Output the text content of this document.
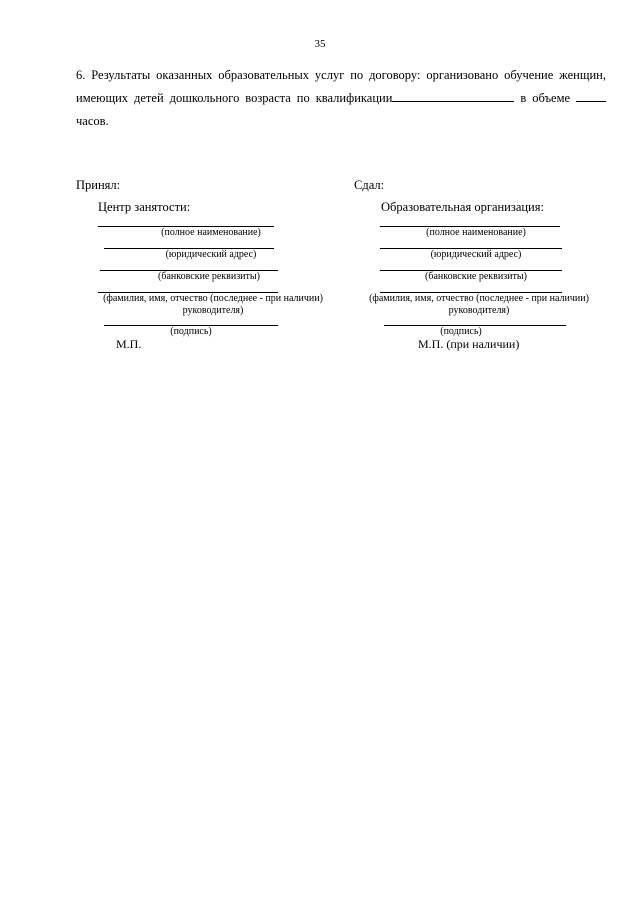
35
6. Результаты оказанных образовательных услуг по договору: организовано обучение женщин, имеющих детей дошкольного возраста по квалификации	в объеме  часов.
Принял:
Центр занятости:
(полное наименование)
(юридический адрес)
(банковские реквизиты)
(фамилия, имя, отчество (последнее - при наличии) руководителя)
(подпись)
М.П.
Сдал:
Образовательная организация:
(полное наименование)
(юридический адрес)
(банковские реквизиты)
(фамилия, имя, отчество (последнее - при наличии) руководителя)
(подпись)
М.П. (при наличии)
